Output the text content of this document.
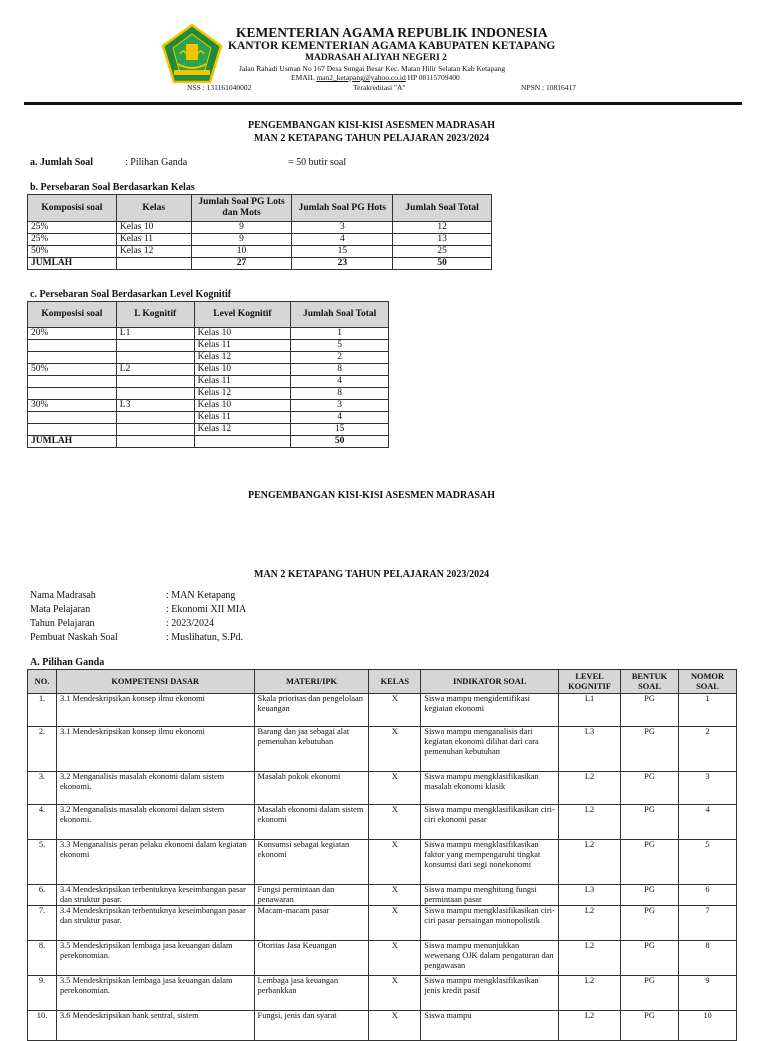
KEMENTERIAN AGAMA REPUBLIK INDONESIA
KANTOR KEMENTERIAN AGAMA KABUPATEN KETAPANG
MADRASAH ALIYAH NEGERI 2
Jalan Rahadi Usman No 167 Desa Sungai Besar Kec. Matan Hilir Selatan Kab Ketapang
EMAIL man2_ketapang@yahoo.co.id HP 08115709400
NSS : 131161040002	Terakreditasi "A"	NPSN : 10816417
PENGEMBANGAN KISI-KISI ASESMEN MADRASAH
MAN 2 KETAPANG TAHUN PELAJARAN 2023/2024
a. Jumlah Soal	: Pilihan Ganda	= 50 butir soal
b. Persebaran Soal Berdasarkan Kelas
Komposisi soal	Kelas	Jumlah Soal PG Lots dan Mots	Jumlah Soal PG Hots	Jumlah Soal Total
25%	Kelas 10	9	3	12
25%	Kelas 11	9	4	13
50%	Kelas 12	10	15	25
JUMLAH		27	23	50
c. Persebaran Soal Berdasarkan Level Kognitif
Komposisi soal	L Kognitif	Level Kognitif	Jumlah Soal Total
20%	L1	Kelas 10	1
		Kelas 11	5
		Kelas 12	2
50%	L2	Kelas 10	8
		Kelas 11	4
		Kelas 12	8
30%	L3	Kelas 10	3
		Kelas 11	4
		Kelas 12	15
JUMLAH			50
PENGEMBANGAN KISI-KISI ASESMEN MADRASAH
MAN 2 KETAPANG TAHUN PELAJARAN 2023/2024
Nama Madrasah	: MAN Ketapang
Mata Pelajaran	: Ekonomi XII MIA
Tahun Pelajaran	: 2023/2024
Pembuat Naskah Soal	: Muslihatun, S.Pd.
A. Pilihan Ganda
NO.	KOMPETENSI DASAR	MATERI/IPK	KELAS	INDIKATOR SOAL	LEVEL KOGNITIF	BENTUK SOAL	NOMOR SOAL
1.	3.1 Mendeskripsikan konsep ilmu ekonomi	Skala prioritas dan pengelolaan keuangan	X	Siswa mampu mengidentifikasi kegiatan ekonomi	L1	PG	1
2.	3.1 Mendeskripsikan konsep ilmu ekonomi	Barang dan jaa sebagai alat pemenuhan kebutuhan	X	Siswa mampu menganalisis dari kegiatan ekonomi dilihat dari cara pemenuhan kebutuhan	L3	PG	2
3.	3.2 Menganalisis masalah ekonomi dalam sistem ekonomi.	Masalah pokok ekonomi	X	Siswa mampu mengklasifikasikan masalah ekonomi klasik	L2	PG	3
4.	3.2 Menganalisis masalah ekonomi dalam sistem ekonomi.	Masalah ekonomi dalam sistem ekonomi	X	Siswa mampu mengklasifikasikan ciri-ciri ekonomi pasar	L2	PG	4
5.	3.3 Menganalisis peran pelaku ekonomi dalam kegiatan ekonomi	Konsumsi sebagai kegiatan ekonomi	X	Siswa mampu mengklasifikasikan faktor yang mempengaruhi tingkat konsumsi dari segi nonekonomi	L2	PG	5
6.	3.4 Mendeskripsikan terbentuknya keseimbangan pasar dan struktur pasar.	Fungsi permintaan dan penawaran	X	Siswa mampu menghitung fungsi permintaan pasar	L3	PG	6
7.	3.4 Mendeskripsikan terbentuknya keseimbangan pasar dan struktur pasar.	Macam-macam pasar	X	Siswa mampu mengklasifikasikan ciri-ciri pasar persaingan monopolistik	L2	PG	7
8.	3.5 Mendeskripsikan lembaga jasa keuangan dalam perekonomian.	Otoritas Jasa Keuangan	X	Siswa mampu menunjukkan wewenang OJK dalam pengaturan dan pengawasan	L2	PG	8
9.	3.5 Mendeskripsikan lembaga jasa keuangan dalam perekonomian.	Lembaga jasa keuangan perbankkan	X	Siswa mampu mengklasifikasikan jenis kredit pasif	L2	PG	9
10.	3.6 Mendeskripsikan bank sentral, sistem	Fungsi, jenis dan syarat	X	Siswa mampu	L2	PG	10
